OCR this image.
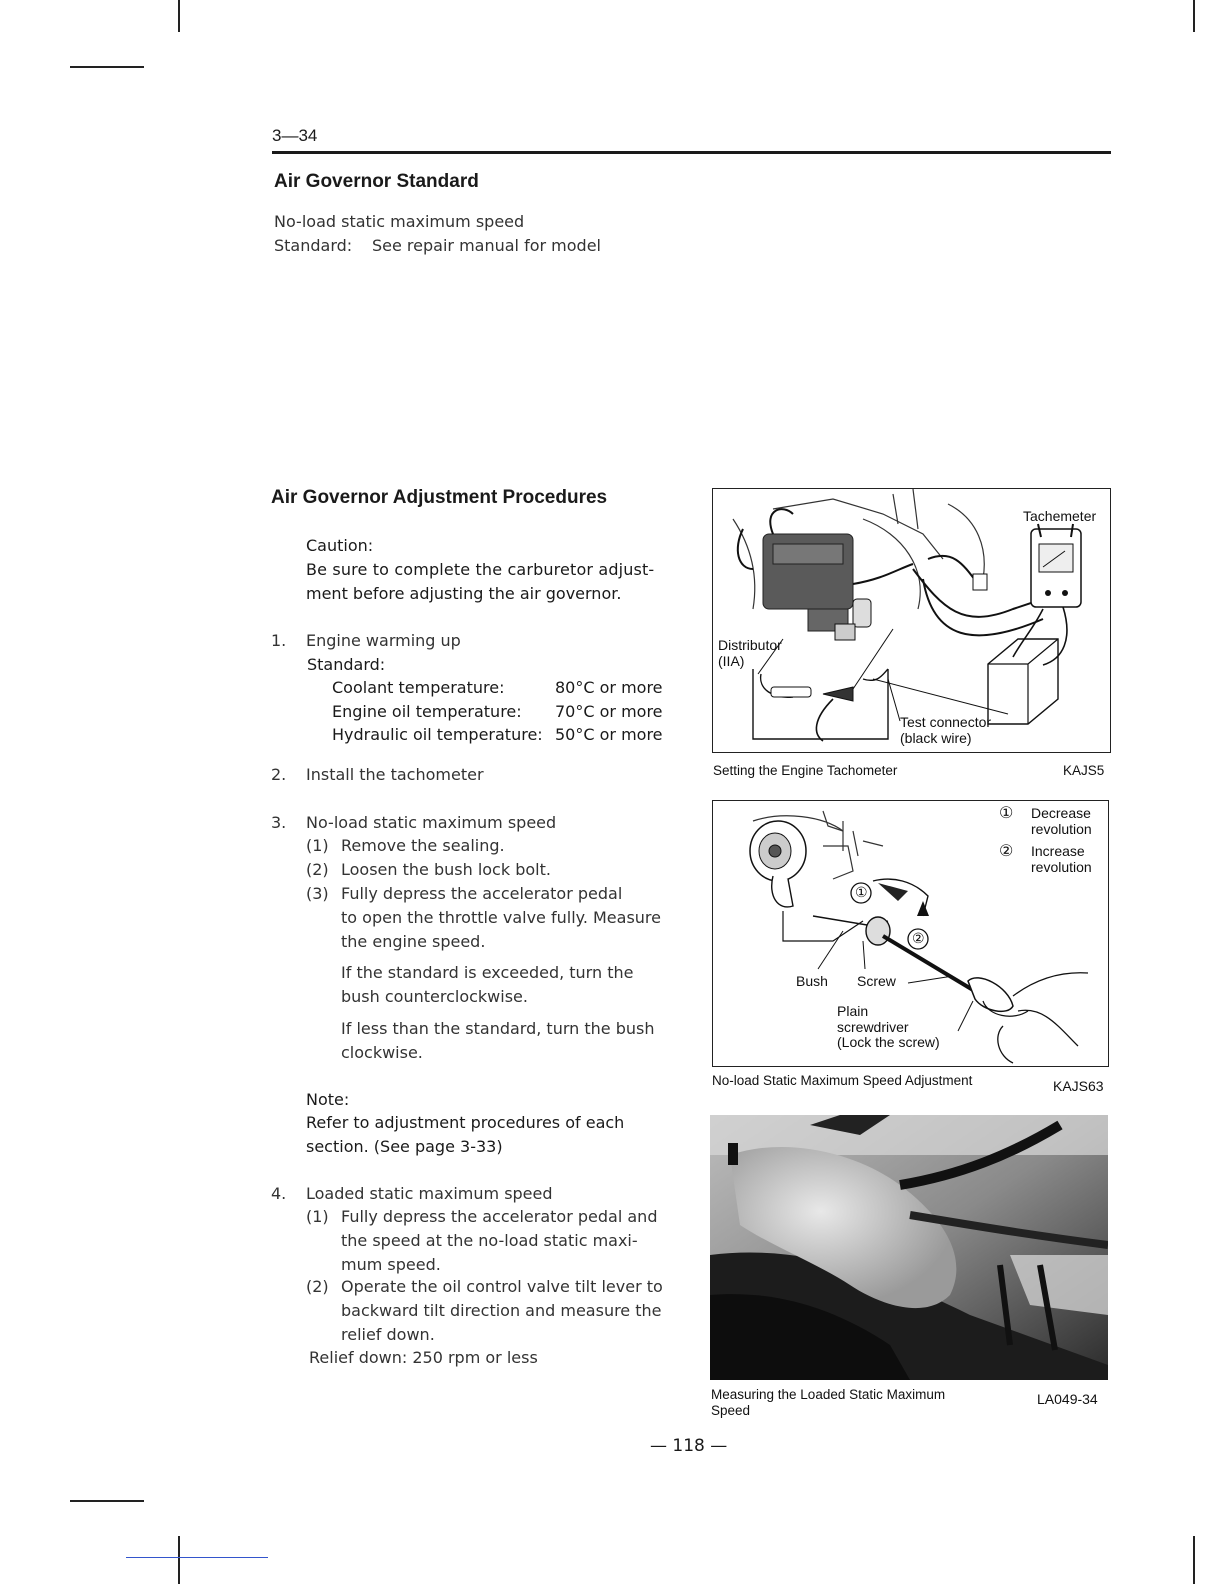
3—34
Air Governor Standard
No-load static maximum speed
Standard: See repair manual for model
Air Governor Adjustment Procedures
Caution:
Be sure to complete the carburetor adjust-
ment before adjusting the air governor.
1. Engine warming up
Standard:
Coolant temperature:	80°C or more
Engine oil temperature: 70°C or more
Hydraulic oil temperature: 50°C or more
2. Install the tachometer
3. No-load static maximum speed
(1) Remove the sealing.
(2) Loosen the bush lock bolt.
(3) Fully depress the accelerator pedal
to open the throttle valve fully. Measure
the engine speed.
If the standard is exceeded, turn the
bush counterclockwise.
If less than the standard, turn the bush
clockwise.
Note:
Refer to adjustment procedures of each
section. (See page 3-33)
4. Loaded static maximum speed
(1) Fully depress the accelerator pedal and
the speed at the no-load static maxi-
mum speed.
(2) Operate the oil control valve tilt lever to
backward tilt direction and measure the
relief down.
Relief down: 250 rpm or less
Tachemeter
Distributor
(IIA)
Test connector
(black wire)
Setting the Engine Tachometer	KAJS5
① Decrease
revolution
② Increase
revolution
①
②
Bush Screw
Plain
screwdriver
(Lock the screw)
No-load Static Maximum Speed Adjustment	KAJS63
Measuring the Loaded Static Maximum
Speed
LA049-34
— 118 —
